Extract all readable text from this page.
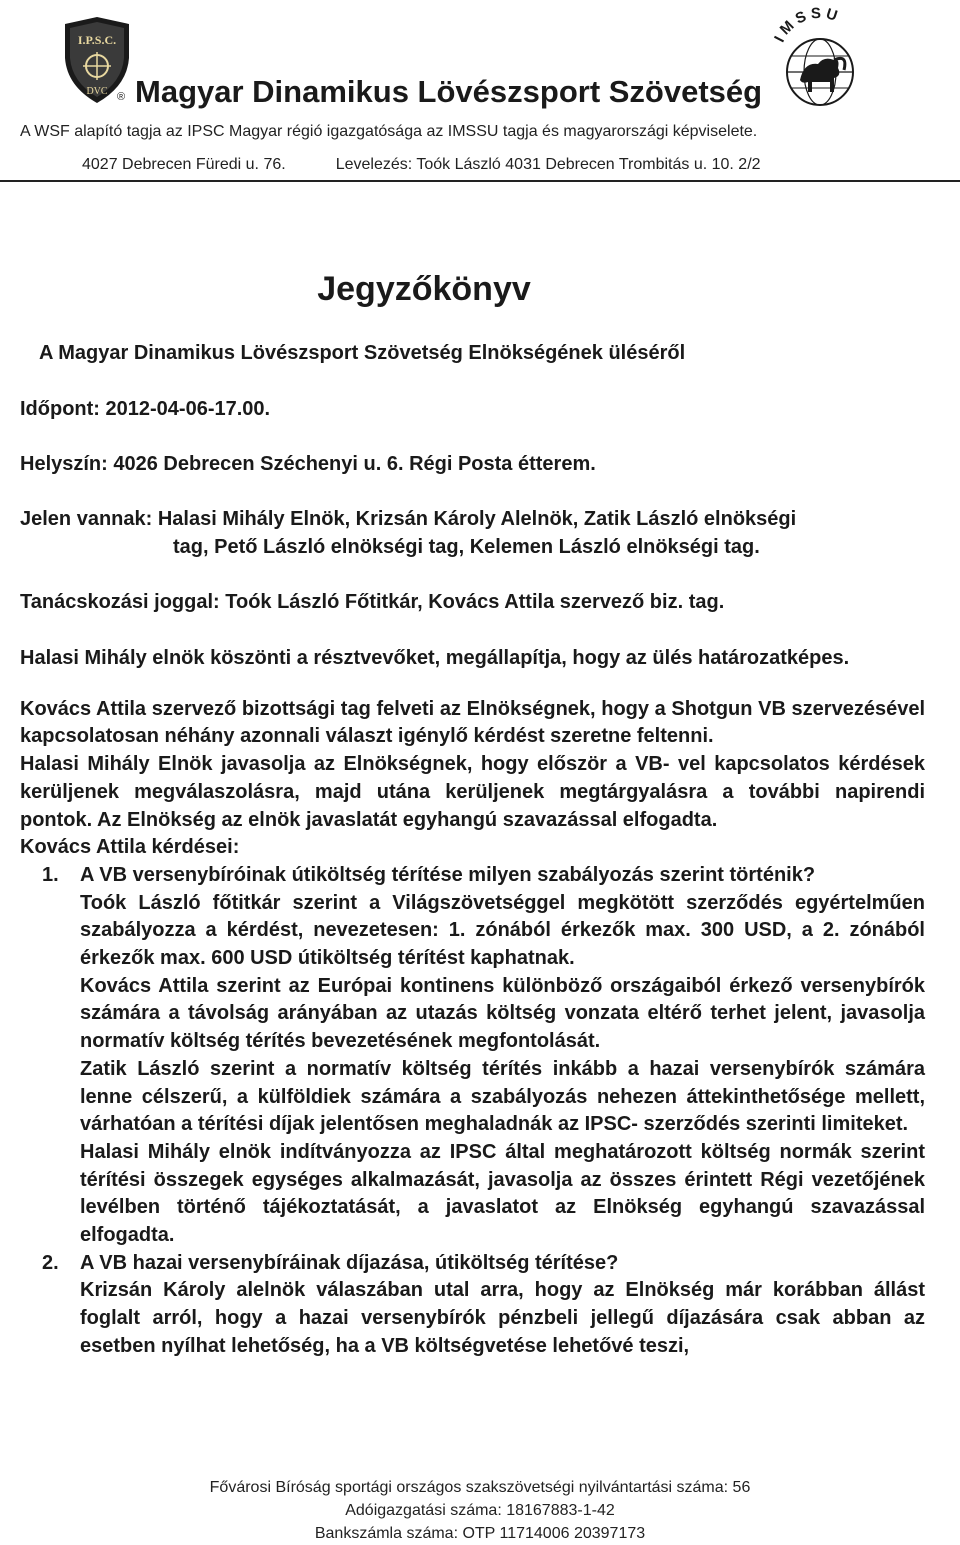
I.P.S.C.
DVC
IMSSU
® Magyar Dinamikus Lövészsport Szövetség
A WSF alapító tagja az IPSC Magyar régió igazgatósága az IMSSU tagja és magyarországi képviselete.
4027 Debrecen Füredi u. 76.	Levelezés: Toók László 4031 Debrecen Trombitás u. 10. 2/2
Jegyzőkönyv
A Magyar Dinamikus Lövészsport Szövetség Elnökségének üléséről
Időpont: 2012-04-06-17.00.
Helyszín: 4026 Debrecen Széchenyi u. 6. Régi Posta étterem.
Jelen vannak: Halasi Mihály Elnök, Krizsán Károly Alelnök, Zatik László elnökségi
tag, Pető László elnökségi tag, Kelemen László elnökségi tag.
Tanácskozási joggal: Toók László Főtitkár, Kovács Attila szervező biz. tag.

Halasi Mihály elnök köszönti a résztvevőket, megállapítja, hogy az ülés határozatképes.

Kovács Attila szervező bizottsági tag felveti az Elnökségnek, hogy a Shotgun VB szervezésével kapcsolatosan néhány azonnali választ igénylő kérdést szeretne feltenni.

Halasi Mihály Elnök javasolja az Elnökségnek, hogy először a VB- vel kapcsolatos kérdések kerüljenek megválaszolásra, majd utána kerüljenek megtárgyalásra a további napirendi pontok. Az Elnökség az elnök javaslatát egyhangú szavazással elfogadta.

Kovács Attila kérdései:

1. A VB versenybíróinak útiköltség térítése milyen szabályozás szerint történik?

Toók László főtitkár szerint a Világszövetséggel megkötött szerződés egyértelműen szabályozza a kérdést, nevezetesen: 1. zónából érkezők max. 300 USD, a 2. zónából érkezők max. 600 USD útiköltség térítést kaphatnak.

Kovács Attila szerint az Európai kontinens különböző országaiból érkező versenybírók számára a távolság arányában az utazás költség vonzata eltérő terhet jelent, javasolja normatív költség térítés bevezetésének megfontolását.

Zatik László szerint a normatív költség térítés inkább a hazai versenybírók számára lenne célszerű, a külföldiek számára a szabályozás nehezen áttekinthetősége mellett, várhatóan a térítési díjak jelentősen meghaladnák az IPSC- szerződés szerinti limiteket.

Halasi Mihály elnök indítványozza az IPSC által meghatározott költség normák szerint térítési összegek egységes alkalmazását, javasolja az összes érintett Régi vezetőjének levélben történő tájékoztatását, a javaslatot az Elnökség egyhangú szavazással elfogadta.

2. A VB hazai versenybíráinak díjazása, útiköltség térítése?

Krizsán Károly alelnök válaszában utal arra, hogy az Elnökség már korábban állást foglalt arról, hogy a hazai versenybírók pénzbeli jellegű díjazására csak abban az esetben nyílhat lehetőség, ha a VB költségvetése lehetővé teszi,

Fővárosi Bíróság sportági országos szakszövetségi nyilvántartási száma: 56
Adóigazgatási száma: 18167883-1-42
Bankszámla száma: OTP 11714006 20397173
